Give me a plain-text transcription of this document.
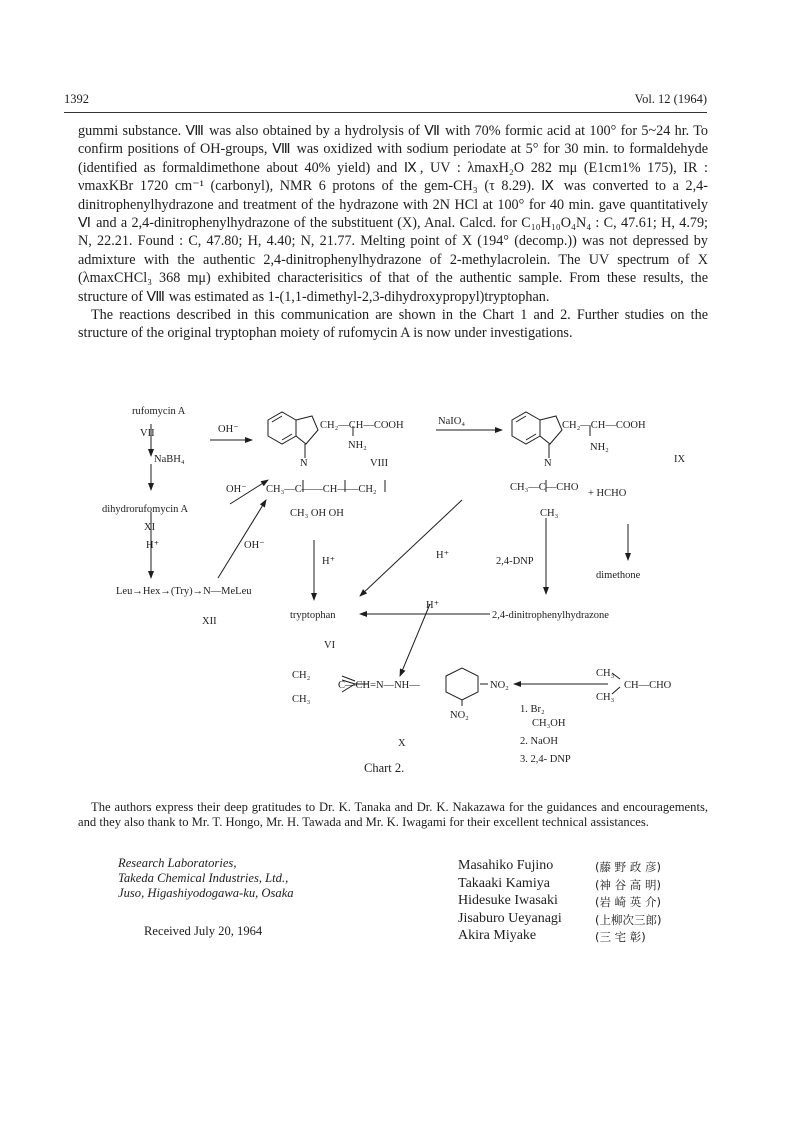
1392	Vol. 12 (1964)

gummi substance. Ⅷ was also obtained by a hydrolysis of Ⅶ with 70% formic acid at 100° for 5~24 hr. To confirm positions of OH-groups, Ⅷ was oxidized with sodium periodate at 5° for 30 min. to formaldehyde (identified as formaldimethone about 40% yield) and Ⅸ, UV : λmaxH₂O 282 mμ (E1cm1% 175), IR : νmaxKBr 1720 cm⁻¹ (carbonyl), NMR 6 protons of the gem-CH₃ (τ 8.29). Ⅸ was converted to a 2,4-dinitrophenylhydrazone and treatment of the hydrazone with 2N HCl at 100° for 40 min. gave quantitatively Ⅵ and a 2,4-dinitrophenylhydrazone of the substituent (X), Anal. Calcd. for C₁₀H₁₀O₄N₄ : C, 47.61; H, 4.79; N, 22.21. Found : C, 47.80; H, 4.40; N, 21.77. Melting point of X (194° (decomp.)) was not depressed by admixture with the authentic 2,4-dinitrophenylhydrazone of 2-methylacrolein. The UV spectrum of X (λmaxCHCl₃ 368 mμ) exhibited characterisitics of that of the authentic sample. From these results, the structure of Ⅷ was estimated as 1-(1,1-dimethyl-2,3-dihydroxypropyl)tryptophan.

The reactions described in this communication are shown in the Chart 1 and 2. Further studies on the structure of the original tryptophan moiety of rufomycin A is now under investigations.

rufomycin A
VII
NaBH₄
OH⁻	CH₂—CH—COOH
NH₂
N	VIII
NaIO₄	CH₂—CH—COOH
NH₂
N	IX
OH⁻ CH₃—C——CH——CH₂
CH₃ OH OH
dihydrorufomycin A
XI
H⁺	OH⁻
H⁺
H⁺
CH₃—C—CHO
+ HCHO
CH₃
2,4-DNP
dimethone
Leu→Hex→(Try)→N—MeLeu
XII
tryptophan
H⁺
2,4-dinitrophenylhydrazone
VI
CH₂
CH₃
C—CH=N—NH—	NO₂
NO₂
CH₃
CH₃
CH—CHO
1. Br₂
CH₃OH
2. NaOH
3. 2,4- DNP
X
Chart 2.
The authors express their deep gratitudes to Dr. K. Tanaka and Dr. K. Nakazawa for the guidances and encouragements, and they also thank to Mr. T. Hongo, Mr. H. Tawada and Mr. K. Iwagami for their excellent technical assistances.
Research Laboratories,
Takeda Chemical Industries, Ltd.,
Juso, Higashiyodogawa-ku, Osaka
Received July 20, 1964
Masahiko Fujino	(藤 野 政 彦)
Takaaki Kamiya	(神 谷 高 明)
Hidesuke Iwasaki	(岩 崎 英 介)
Jisaburo Ueyanagi	(上柳次三郎)
Akira Miyake	(三 宅 彰)
